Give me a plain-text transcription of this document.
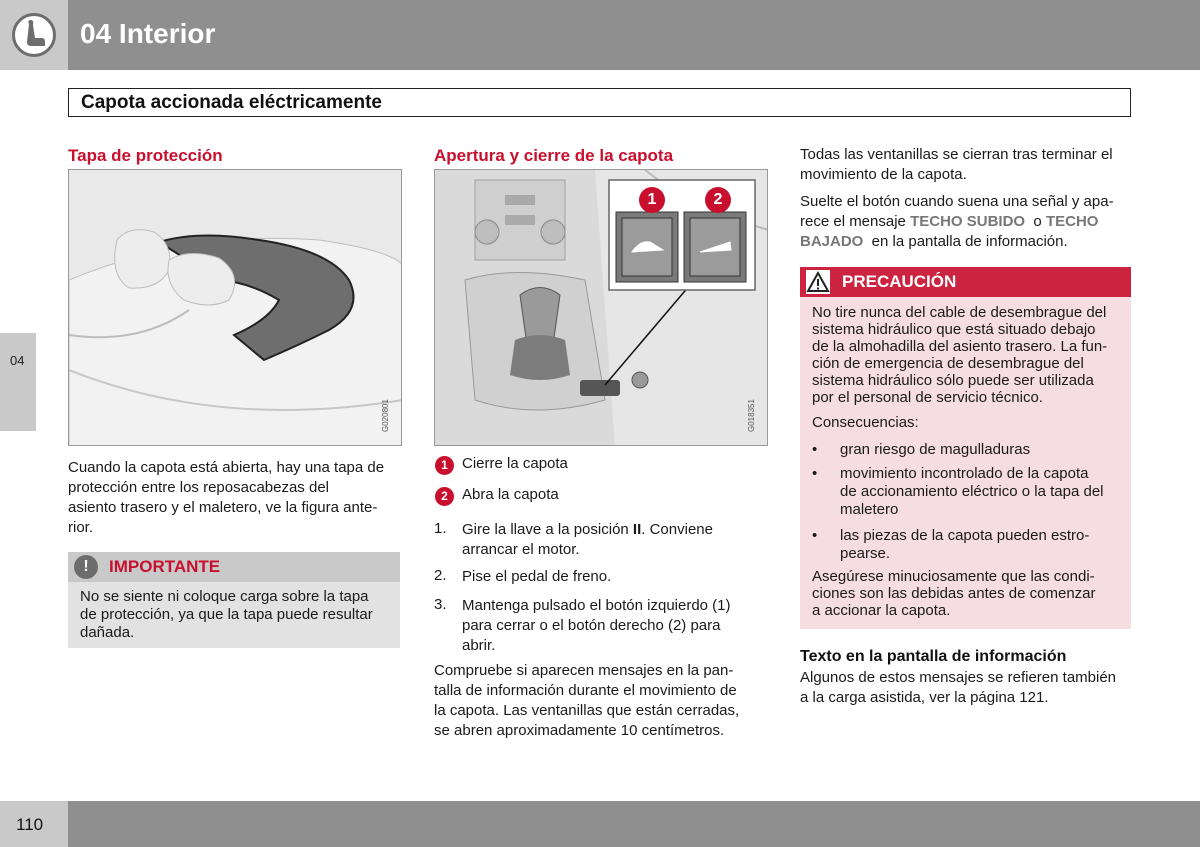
04 Interior
Capota accionada eléctricamente
04
Tapa de protección
G020801
Cuando la capota está abierta, hay una tapa de
protección entre los reposacabezas del
asiento trasero y el maletero, ve la figura ante-
rior.
!	IMPORTANTE
No se siente ni coloque carga sobre la tapa
de protección, ya que la tapa puede resultar
dañada.
Apertura y cierre de la capota
1	2
G018351
1 Cierre la capota
2 Abra la capota
1. Gire la llave a la posición II. Conviene
arrancar el motor.
2. Pise el pedal de freno.
3. Mantenga pulsado el botón izquierdo (1)
para cerrar o el botón derecho (2) para
abrir.
Compruebe si aparecen mensajes en la pan-
talla de información durante el movimiento de
la capota. Las ventanillas que están cerradas,
se abren aproximadamente 10 centímetros.
Todas las ventanillas se cierran tras terminar el
movimiento de la capota.
Suelte el botón cuando suena una señal y apa-
rece el mensaje TECHO SUBIDO  o TECHO
BAJADO  en la pantalla de información.
PRECAUCIÓN
No tire nunca del cable de desembrague del
sistema hidráulico que está situado debajo
de la almohadilla del asiento trasero. La fun-
ción de emergencia de desembrague del
sistema hidráulico sólo puede ser utilizada
por el personal de servicio técnico.
Consecuencias:
• gran riesgo de magulladuras
• movimiento incontrolado de la capota
de accionamiento eléctrico o la tapa del
maletero
• las piezas de la capota pueden estro-
pearse.
Asegúrese minuciosamente que las condi-
ciones son las debidas antes de comenzar
a accionar la capota.
Texto en la pantalla de información
Algunos de estos mensajes se refieren también
a la carga asistida, ver la página 121.
110
